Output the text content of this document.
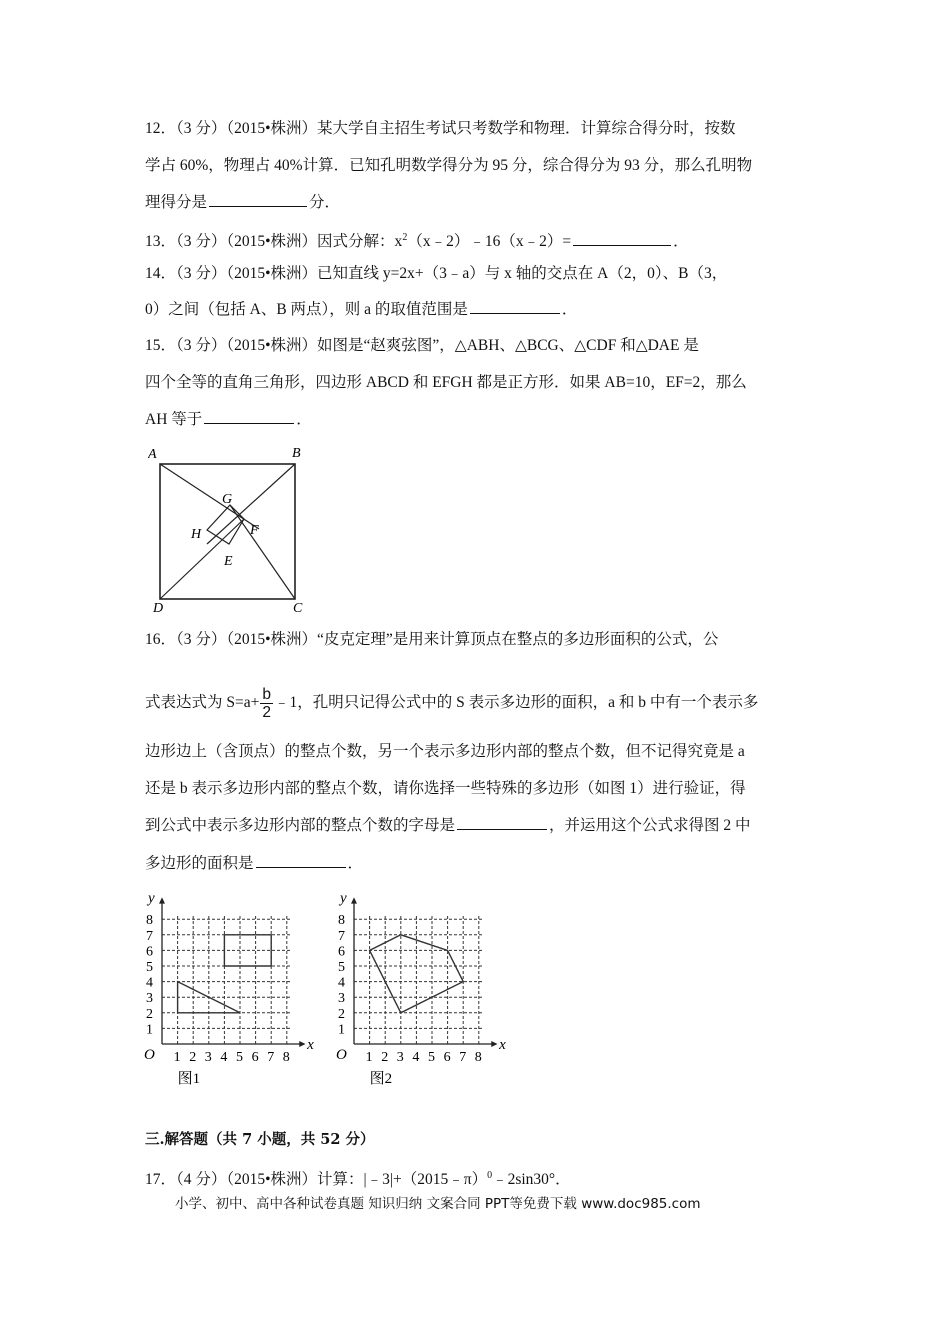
12．（3 分）（2015•株洲）某大学自主招生考试只考数学和物理．计算综合得分时，按数
学占 60%，物理占 40%计算．已知孔明数学得分为 95 分，综合得分为 93 分，那么孔明物
理得分是	分．
13．（3 分）（2015•株洲）因式分解：$x^2(x﹣2)﹣16(x﹣2)=$	．
14．（3 分）（2015•株洲）已知直线 y=2x+（3﹣a）与 x 轴的交点在 A（2，0）、B（3，
0）之间（包括 A、B 两点），则 a 的取值范围是	．
15．（3 分）（2015•株洲）如图是“赵爽弦图”，△ABH、△BCG、△CDF 和△DAE 是
四个全等的直角三角形，四边形 ABCD 和 EFGH 都是正方形．如果 AB=10，EF=2，那么
AH 等于	．
A	B
C
D
E
F
G
H
16．（3 分）（2015•株洲）“皮克定理”是用来计算顶点在整点的多边形面积的公式，公
式表达式为 $S=a+ \frac{b}{2}$ ﹣1，孔明只记得公式中的 S 表示多边形的面积，a 和 b 中有一个表示多
边形边上（含顶点）的整点个数，另一个表示多边形内部的整点个数，但不记得究竟是 a
还是 b 表示多边形内部的整点个数，请你选择一些特殊的多边形（如图 1）进行验证，得
到公式中表示多边形内部的整点个数的字母是	，并运用这个公式求得图 2 中
多边形的面积是	．
1
1
2
2
3
3
4
4
5
5
6
6
7
7
8
8
O
x
y
图1
1
1
2
2
3
3
4
4
5
5
6
6
7
7
8
8
O
x
y
图2
三.解答题（共 7 小题，共 52 分）
17．（4 分）（2015•株洲）计算：|﹣3|+（2015﹣π）$^0$﹣2sin30°．
小学、初中、高中各种试卷真题 知识归纳 文案合同 PPT等免费下载 www.doc985.com
